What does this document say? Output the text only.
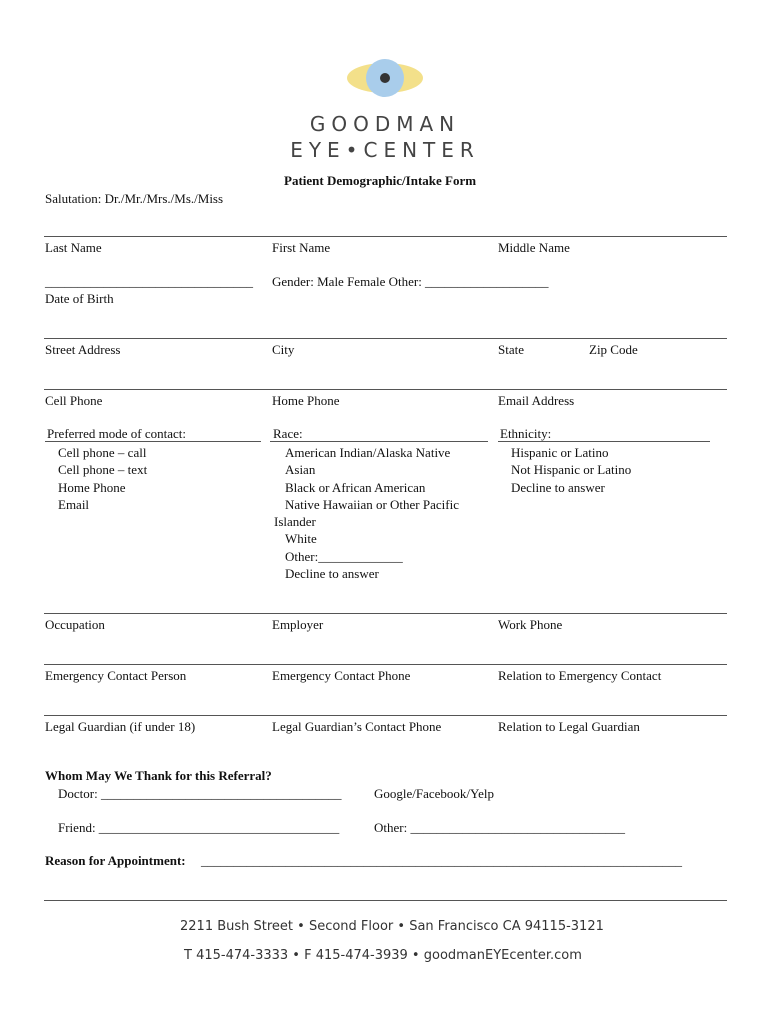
GOODMAN
EYE•CENTER
Patient Demographic/Intake Form
Salutation: Dr./Mr./Mrs./Ms./Miss
Last Name	First Name	Middle Name
________________________________ Gender: Male Female Other: ___________________
Date of Birth
Street Address	City	State	Zip Code
Cell Phone	Home Phone	Email Address
Preferred mode of contact:
Cell phone – call
Cell phone – text
Home Phone
Email
Race:
American Indian/Alaska Native
Asian
Black or African American
Native Hawaiian or Other Pacific
Islander
White
Other:_____________
Decline to answer
Ethnicity:
Hispanic or Latino
Not Hispanic or Latino
Decline to answer
Occupation	Employer	Work Phone
Emergency Contact Person	Emergency Contact Phone	Relation to Emergency Contact
Legal Guardian (if under 18)	Legal Guardian’s Contact Phone	Relation to Legal Guardian
Whom May We Thank for this Referral?
Doctor: _____________________________________	Google/Facebook/Yelp
Friend: _____________________________________	Other: _________________________________
Reason for Appointment: __________________________________________________________________________
2211 Bush Street • Second Floor • San Francisco CA 94115-3121
T 415-474-3333 • F 415-474-3939 • goodmanEYEcenter.com
